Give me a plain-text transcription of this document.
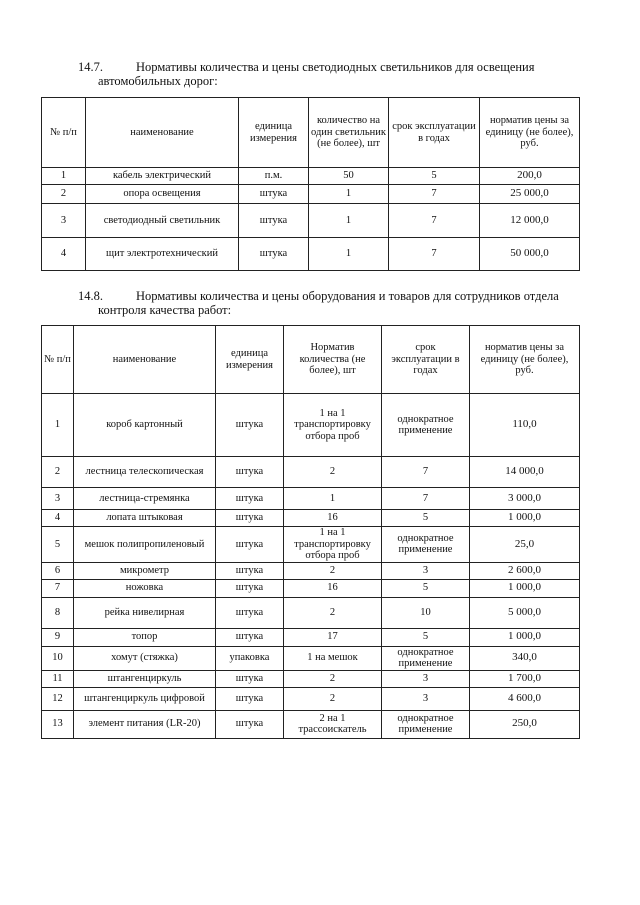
14.7.	Нормативы количества и цены светодиодных светильников для освещения
автомобильных дорог:
№ п/п	наименование	единица измерения	количество на один светильник (не более), шт	срок эксплуатации в годах	норматив цены за единицу (не более), руб.
1	кабель электрический	п.м.	50	5	200,0
2	опора освещения	штука	1	7	25 000,0
3	светодиодный светильник	штука	1	7	12 000,0
4	щит электротехнический	штука	1	7	50 000,0
14.8.	Нормативы количества и цены оборудования и товаров для сотрудников отдела
контроля качества работ:
№ п/п	наименование	единица измерения	Норматив количества (не более), шт	срок эксплуатации в годах	норматив цены за единицу (не более), руб.
1	короб картонный	штука	1 на 1 транспортировку отбора проб	однократное применение	110,0
2	лестница телескопическая	штука	2	7	14 000,0
3	лестница-стремянка	штука	1	7	3 000,0
4	лопата штыковая	штука	16	5	1 000,0
5	мешок полипропиленовый	штука	1 на 1 транспортировку отбора проб	однократное применение	25,0
6	микрометр	штука	2	3	2 600,0
7	ножовка	штука	16	5	1 000,0
8	рейка нивелирная	штука	2	10	5 000,0
9	топор	штука	17	5	1 000,0
10	хомут (стяжка)	упаковка	1 на мешок	однократное применение	340,0
11	штангенциркуль	штука	2	3	1 700,0
12	штангенциркуль цифровой	штука	2	3	4 600,0
13	элемент питания (LR-20)	штука	2 на 1 трассоискатель	однократное применение	250,0
